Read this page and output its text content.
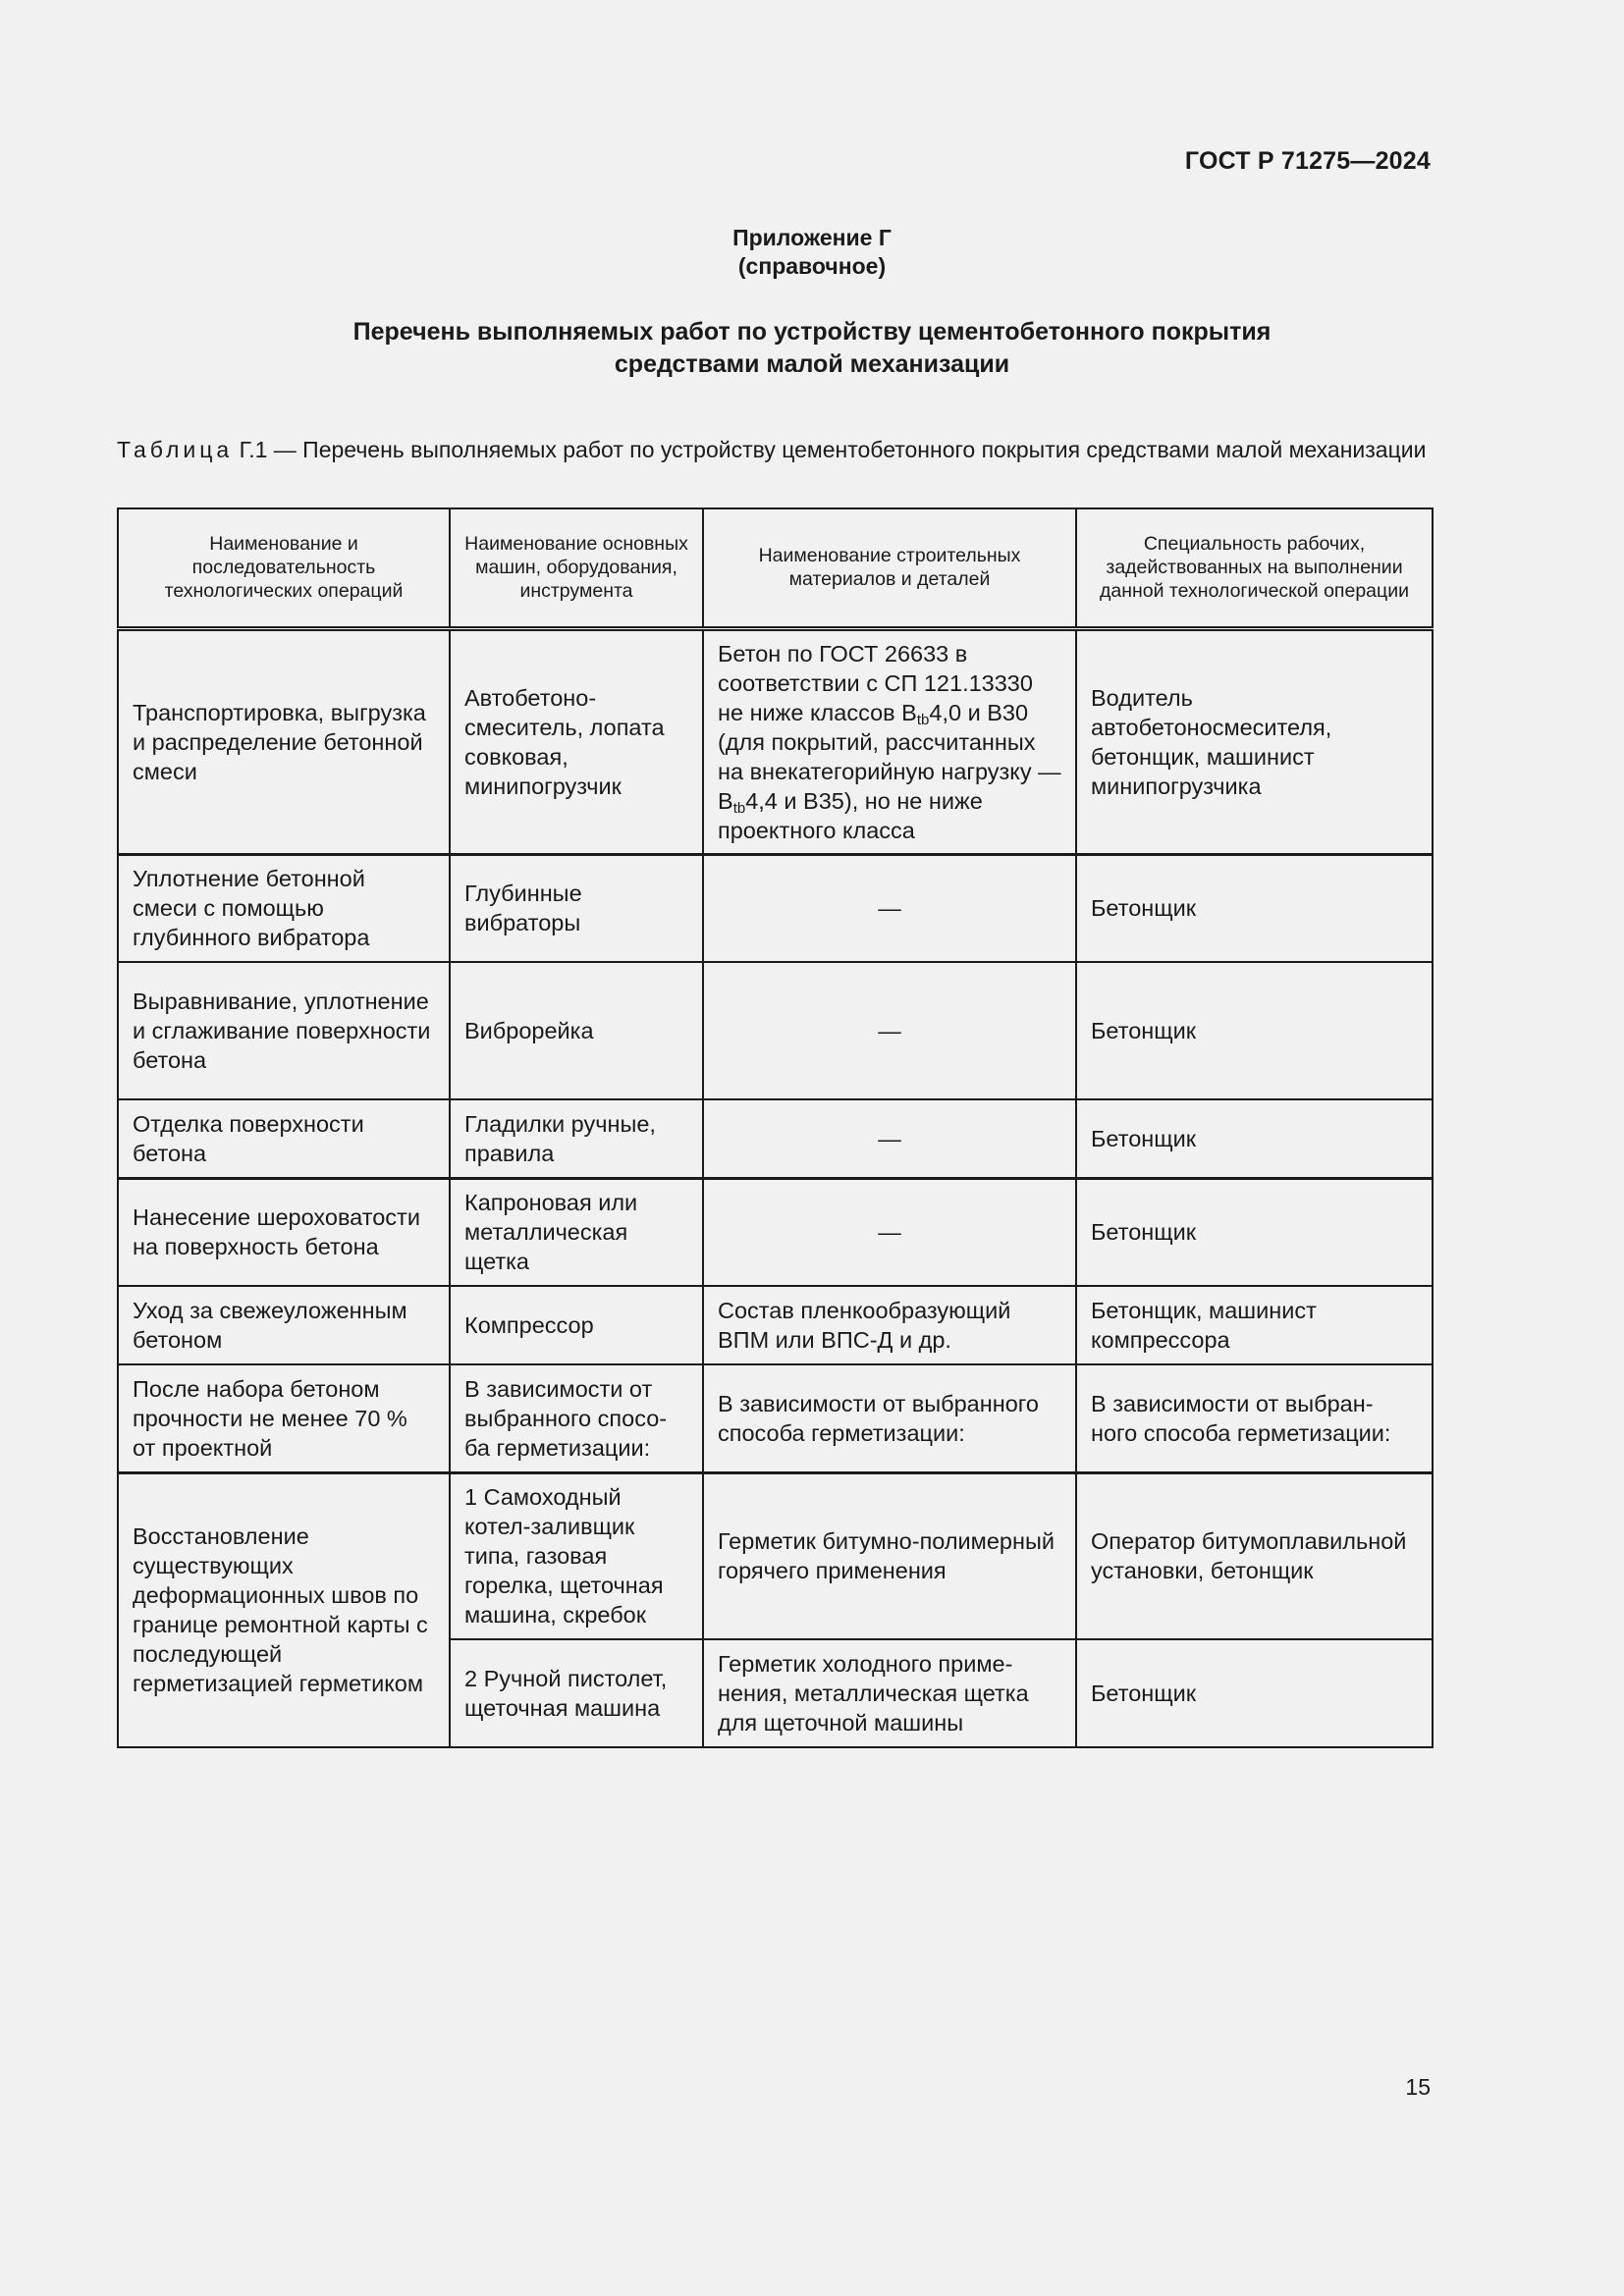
ГОСТ Р 71275—2024
Приложение Г
(справочное)
Перечень выполняемых работ по устройству цементобетонного покрытия
средствами малой механизации
Таблица Г.1 — Перечень выполняемых работ по устройству цементобетонного покрытия средствами малой механизации
Наименование и последовательность технологических операций	Наименование основных машин, оборудования, инструмента	Наименование строительных материалов и деталей	Специальность рабочих, задействованных на выполнении данной технологической операции
Транспортировка, выгрузка и распределение бетонной смеси	Автобетоно-смеситель, лопата совковая, минипогрузчик	Бетон по ГОСТ 26633 в соответствии с СП 121.13330 не ниже классов $B_{tb}4,0$ и B30 (для покрытий, рассчитанных на внекатегорийную нагрузку — $B_{tb}4,4$ и B35), но не ниже проектного класса	Водитель автобетоносмесителя, бетонщик, машинист минипогрузчика
Уплотнение бетонной смеси с помощью глубинного вибратора	Глубинные вибраторы	—	Бетонщик
Выравнивание, уплотнение и сглаживание поверхности бетона	Виброрейка	—	Бетонщик
Отделка поверхности бетона	Гладилки ручные, правила	—	Бетонщик
Нанесение шероховатости на поверхность бетона	Капроновая или металлическая щетка	—	Бетонщик
Уход за свежеуложенным бетоном	Компрессор	Состав пленкообразующий ВПМ или ВПС-Д и др.	Бетонщик, машинист компрессора
После набора бетоном прочности не менее 70 % от проектной	В зависимости от выбранного спосо-ба герметизации:	В зависимости от выбранного способа герметизации:	В зависимости от выбран-ного способа герметизации:
Восстановление существующих деформационных швов по границе ремонтной карты с последующей герметизацией герметиком	1 Самоходный котел-заливщик типа, газовая горелка, щеточная машина, скребок	Герметик битумно-полимерный горячего применения	Оператор битумоплавильной установки, бетонщик
	2 Ручной пистолет, щеточная машина	Герметик холодного приме-нения, металлическая щетка для щеточной машины	Бетонщик
15
